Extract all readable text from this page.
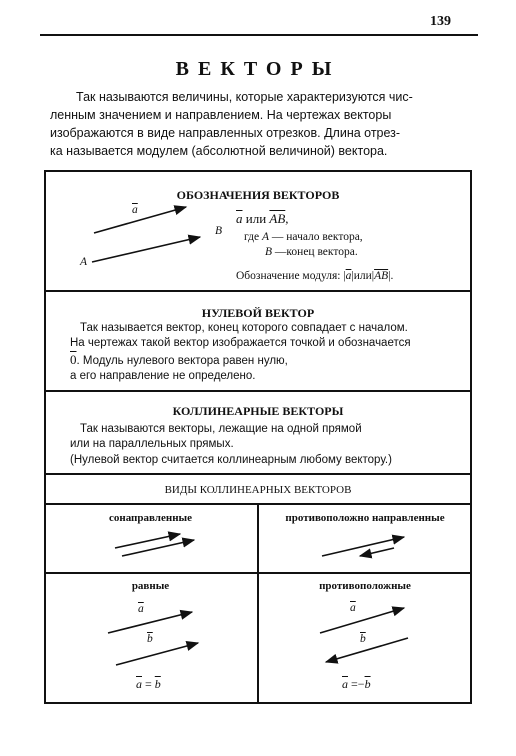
139
ВЕКТОРЫ
Так называются величины, которые характеризуются чис-
ленным значением и направлением. На чертежах векторы
изображаются в виде направленных отрезков. Длина отрез-
ка называется модулем (абсолютной величиной) вектора.
ОБОЗНАЧЕНИЯ ВЕКТОРОВ
$\overline{a}$
A
B
$\overline{a}$ или $\overline{AB}$,
где A — начало вектора,
B —конец вектора.
Обозначение модуля: $|\overline{a}|или|\overline{AB}|$.
НУЛЕВОЙ ВЕКТОР
Так называется вектор, конец которого совпадает с началом.
На чертежах такой вектор изображается точкой и обозначается
0. Модуль нулевого вектора равен нулю,
а его направление не определено.
КОЛЛИНЕАРНЫЕ ВЕКТОРЫ
Так называются векторы, лежащие на одной прямой
или на параллельных прямых.
(Нулевой вектор считается коллинеарным любому вектору.)
ВИДЫ КОЛЛИНЕАРНЫХ ВЕКТОРОВ
сонаправленные	противоположно направленные
равные	противоположные
$\overline{a}$
$\overline{b}$
$\overline{a} = \overline{b}$
$\overline{a}$
$\overline{b}$
$\overline{a} =-\overline{b}$
